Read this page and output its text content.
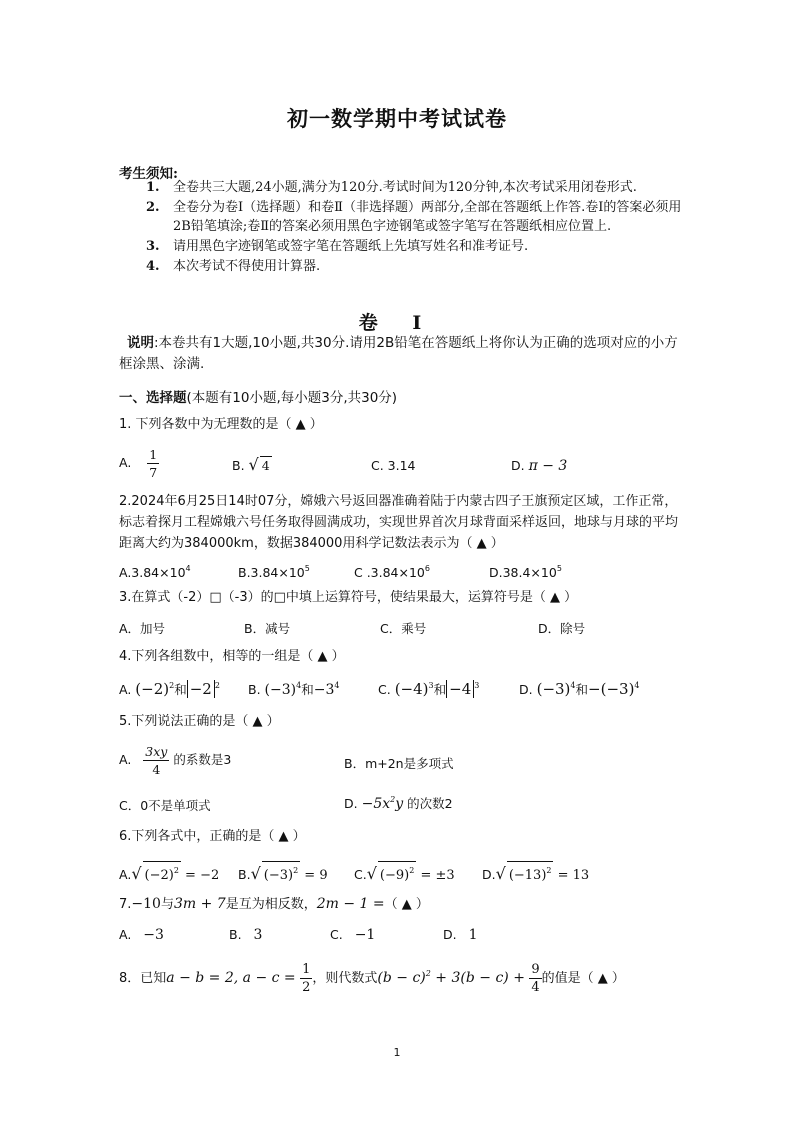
初一数学期中考试试卷
考生须知:
1. 全卷共三大题,24小题,满分为120分.考试时间为120分钟,本次考试采用闭卷形式.
2. 全卷分为卷Ⅰ（选择题）和卷Ⅱ（非选择题）两部分,全部在答题纸上作答.卷Ⅰ的答案必须用2B铅笔填涂;卷Ⅱ的答案必须用黑色字迹钢笔或签字笔写在答题纸相应位置上.
3. 请用黑色字迹钢笔或签字笔在答题纸上先填写姓名和准考证号.
4. 本次考试不得使用计算器.
卷 Ⅰ
说明:本卷共有1大题,10小题,共30分.请用2B铅笔在答题纸上将你认为正确的选项对应的小方框涂黑、涂满.
一、选择题(本题有10小题,每小题3分,共30分)
1. 下列各数中为无理数的是（ ▲ ）
A. $\frac{1}{7}$	B. √ 4	C. 3.14	D. π − 3
2.2024年6月25日14时07分，嫦娥六号返回器准确着陆于内蒙古四子王旗预定区域，工作正常，标志着探月工程嫦娥六号任务取得圆满成功，实现世界首次月球背面采样返回，地球与月球的平均距离大约为384000km，数据384000用科学记数法表示为（ ▲ ）
$A.3.84\times 10^4$	$B.3.84\times 10^5$	C $.3.84\times 10^6$	$D.38.4\times 10^5$
3.在算式（-2）□（-3）的□中填上运算符号，使结果最大，运算符号是（ ▲ ）
A．加号	B．减号	C．乘号	D．除号
4.下列各组数中，相等的一组是（ ▲ ）
A. $(-2)^2$和 −2 $^2$ B. $(-3)^4$和$-3^4$	C. $(-4)^3$和 −4 $^3$	D. $(-3)^4$和$-(-3)^4$
5.下列说法正确的是（ ▲ ）
A. $\frac{3xy}{4}$ 的系数是3	B．m+2n是多项式
C．0不是单项式	D. $-5x^2y$ 的次数2
6.下列各式中，正确的是（ ▲ ）
A.√ $(-2)^2 = -2$ B.√ $(-3)^2 = 9$ C.√ $(-9)^2 = \pm 3$ D.√ $(-13)^2 = 13$
7.−10与3m + 7是互为相反数，2m − 1 =（ ▲ ）
A. −3	B. 3	C. −1	D. 1
8．已知a − b = 2, $a - c = \frac{1}{2}$ ，则代数式$(b - c)^2 + 3(b - c) + \frac{9}{4}$ 的值是（ ▲ ）
1
